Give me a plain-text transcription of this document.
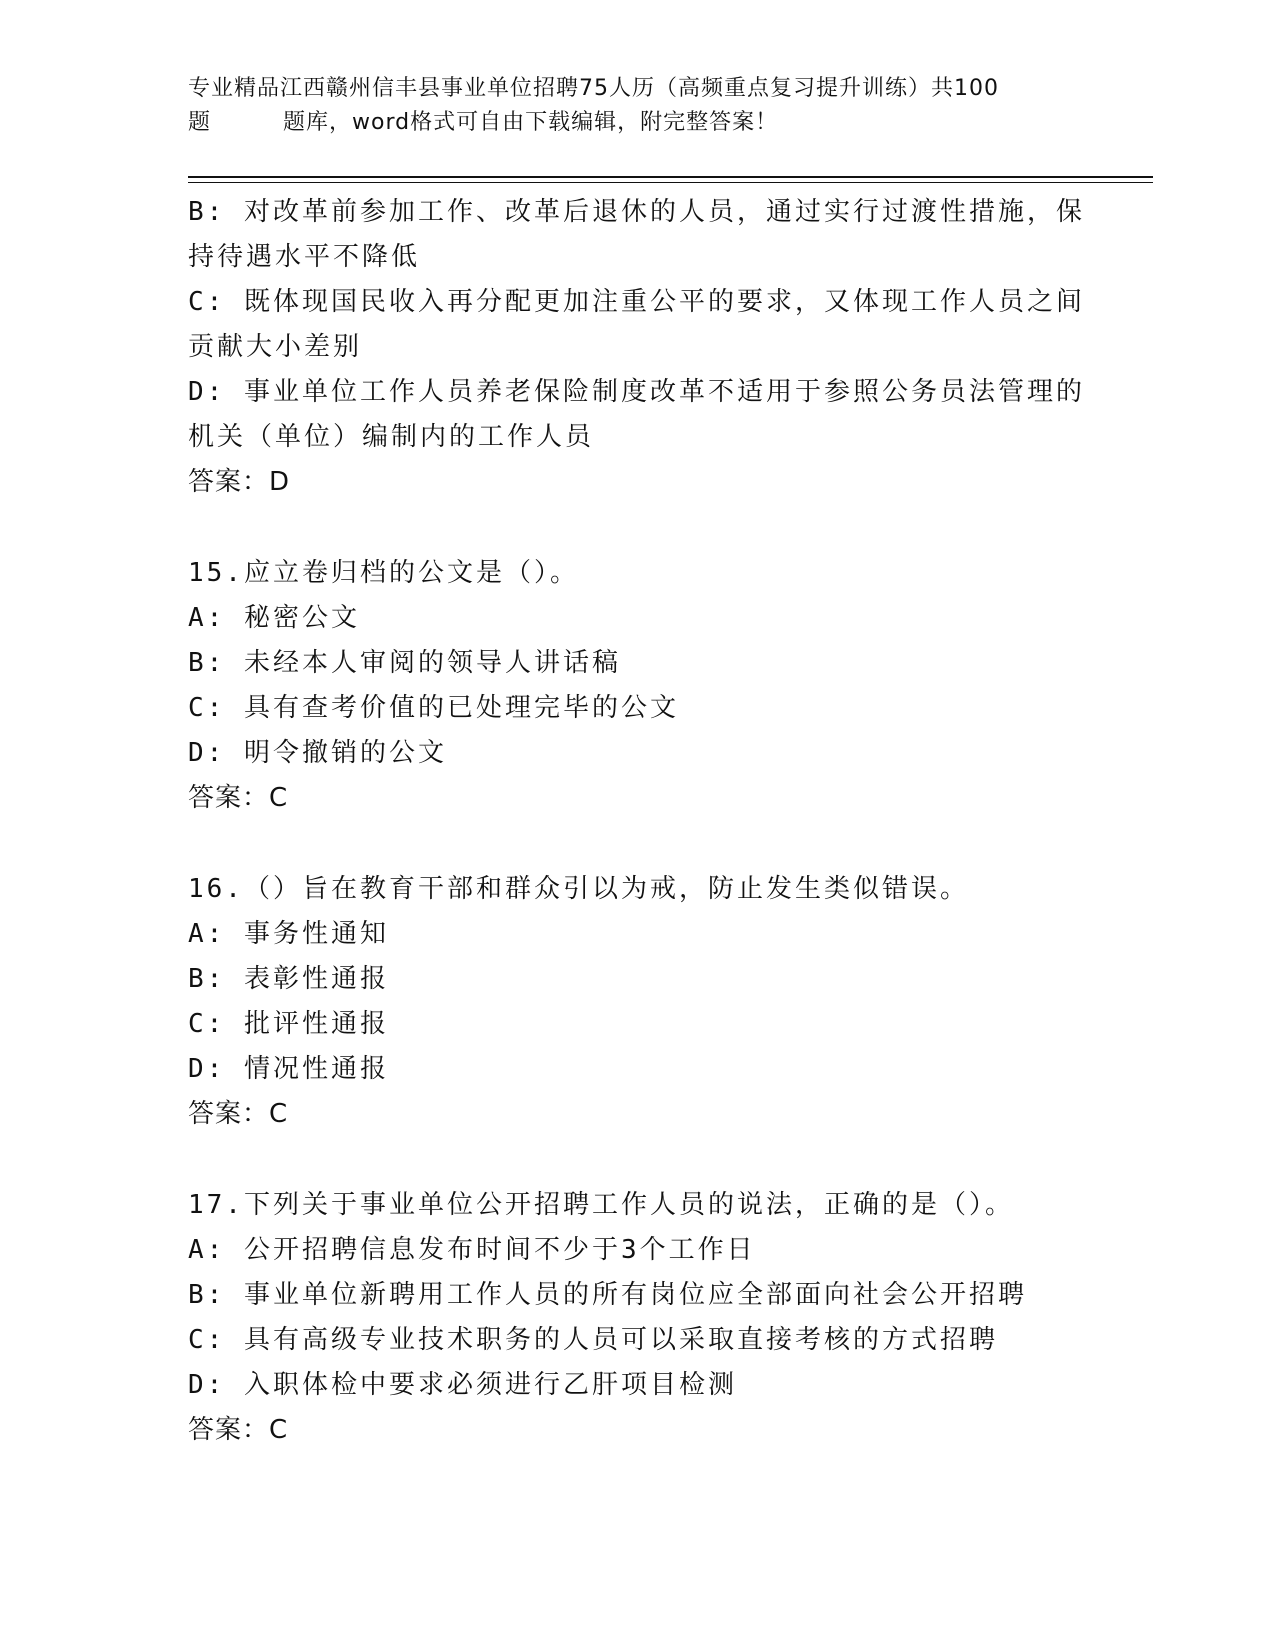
专业精品江西赣州信丰县事业单位招聘75人历（高频重点复习提升训练）共100
题	题库，word格式可自由下载编辑，附完整答案！
B: 对改革前参加工作、改革后退休的人员，通过实行过渡性措施，保
持待遇水平不降低
C: 既体现国民收入再分配更加注重公平的要求，又体现工作人员之间
贡献大小差别
D: 事业单位工作人员养老保险制度改革不适用于参照公务员法管理的
机关（单位）编制内的工作人员
答案：D
15.应立卷归档的公文是（）。
A: 秘密公文
B: 未经本人审阅的领导人讲话稿
C: 具有查考价值的已处理完毕的公文
D: 明令撤销的公文
答案：C
16.（）旨在教育干部和群众引以为戒，防止发生类似错误。
A: 事务性通知
B: 表彰性通报
C: 批评性通报
D: 情况性通报
答案：C
17.下列关于事业单位公开招聘工作人员的说法，正确的是（）。
A: 公开招聘信息发布时间不少于3个工作日
B: 事业单位新聘用工作人员的所有岗位应全部面向社会公开招聘
C: 具有高级专业技术职务的人员可以采取直接考核的方式招聘
D: 入职体检中要求必须进行乙肝项目检测
答案：C
